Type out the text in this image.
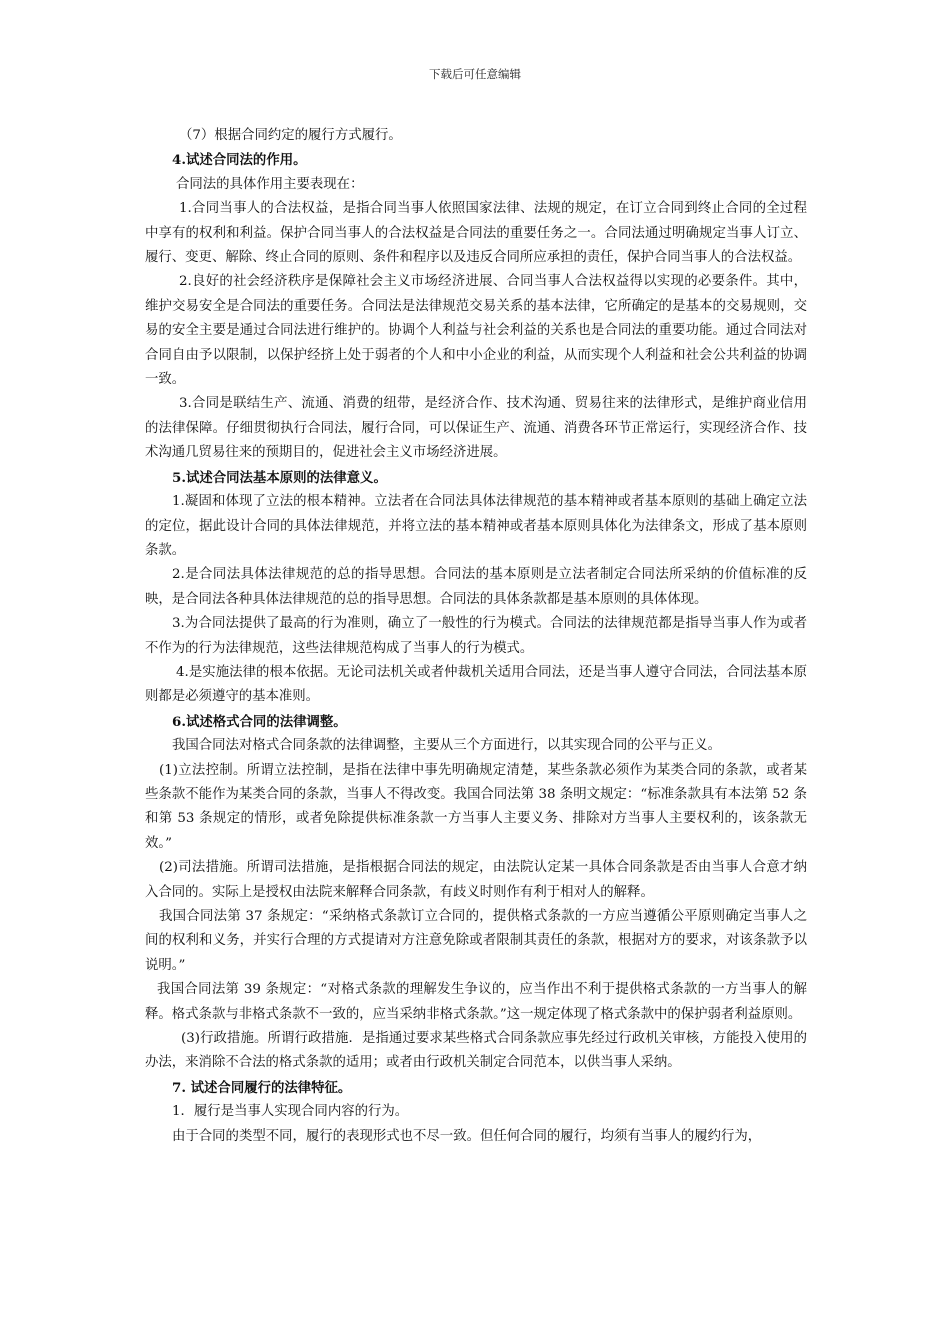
下载后可任意编辑

（7）根据合同约定的履行方式履行。

4.试述合同法的作用。

合同法的具体作用主要表现在：

1.合同当事人的合法权益，是指合同当事人依照国家法律、法规的规定，在订立合同到终止合同的全过程中享有的权利和利益。保护合同当事人的合法权益是合同法的重要任务之一。合同法通过明确规定当事人订立、履行、变更、解除、终止合同的原则、条件和程序以及违反合同所应承担的责任，保护合同当事人的合法权益。

2.良好的社会经济秩序是保障社会主义市场经济进展、合同当事人合法权益得以实现的必要条件。其中，维护交易安全是合同法的重要任务。合同法是法律规范交易关系的基本法律，它所确定的是基本的交易规则，交易的安全主要是通过合同法进行维护的。协调个人利益与社会利益的关系也是合同法的重要功能。通过合同法对合同自由予以限制，以保护经挤上处于弱者的个人和中小企业的利益，从而实现个人利益和社会公共利益的协调一致。

3.合同是联结生产、流通、消费的纽带，是经济合作、技术沟通、贸易往来的法律形式，是维护商业信用的法律保障。仔细贯彻执行合同法，履行合同，可以保证生产、流通、消费各环节正常运行，实现经济合作、技术沟通几贸易往来的预期目的，促进社会主义市场经济进展。

5.试述合同法基本原则的法律意义。

1.凝固和体现了立法的根本精神。立法者在合同法具体法律规范的基本精神或者基本原则的基础上确定立法的定位，据此设计合同的具体法律规范，并将立法的基本精神或者基本原则具体化为法律条文，形成了基本原则条款。

2.是合同法具体法律规范的总的指导思想。合同法的基本原则是立法者制定合同法所采纳的价值标准的反映，是合同法各种具体法律规范的总的指导思想。合同法的具体条款都是基本原则的具体体现。

3.为合同法提供了最高的行为准则，确立了一般性的行为模式。合同法的法律规范都是指导当事人作为或者不作为的行为法律规范，这些法律规范构成了当事人的行为模式。

4.是实施法律的根本依据。无论司法机关或者仲裁机关适用合同法，还是当事人遵守合同法，合同法基本原则都是必须遵守的基本准则。

6.试述格式合同的法律调整。

我国合同法对格式合同条款的法律调整，主要从三个方面进行，以其实现合同的公平与正义。

(1)立法控制。所谓立法控制，是指在法律中事先明确规定清楚，某些条款必须作为某类合同的条款，或者某些条款不能作为某类合同的条款，当事人不得改变。我国合同法第 38 条明文规定：“标准条款具有本法第 52 条和第 53 条规定的情形，或者免除提供标准条款一方当事人主要义务、排除对方当事人主要权利的，该条款无效。”

(2)司法措施。所谓司法措施，是指根据合同法的规定，由法院认定某一具体合同条款是否由当事人合意才纳入合同的。实际上是授权由法院来解释合同条款，有歧义时则作有利于相对人的解释。

我国合同法第 37 条规定：“采纳格式条款订立合同的，提供格式条款的一方应当遵循公平原则确定当事人之间的权利和义务，并实行合理的方式提请对方注意免除或者限制其责任的条款，根据对方的要求，对该条款予以说明。”

我国合同法第 39 条规定：“对格式条款的理解发生争议的，应当作出不利于提供格式条款的一方当事人的解释。格式条款与非格式条款不一致的，应当采纳非格式条款。”这一规定体现了格式条款中的保护弱者利益原则。

(3)行政措施。所谓行政措施．是指通过要求某些格式合同条款应事先经过行政机关审核，方能投入使用的办法，来消除不合法的格式条款的适用；或者由行政机关制定合同范本，以供当事人采纳。

7. 试述合同履行的法律特征。

1．履行是当事人实现合同内容的行为。

由于合同的类型不同，履行的表现形式也不尽一致。但任何合同的履行，均须有当事人的履约行为，
